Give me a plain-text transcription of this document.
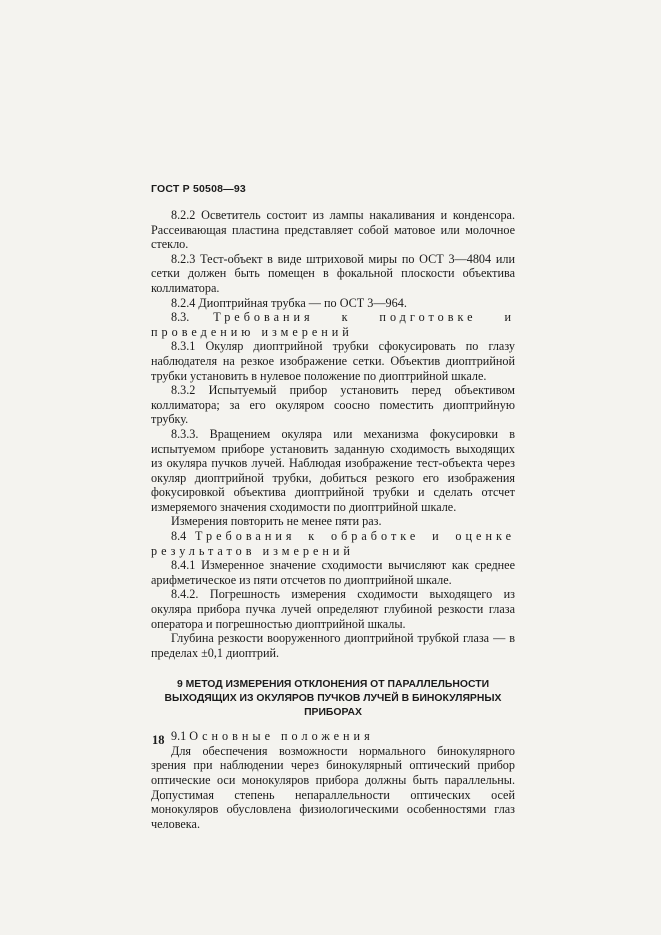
ГОСТ Р 50508—93

8.2.2 Осветитель состоит из лампы накаливания и конденсора. Рассеивающая пластина представляет собой матовое или молочное стекло.

8.2.3 Тест-объект в виде штриховой миры по ОСТ 3—4804 или сетки должен быть помещен в фокальной плоскости объектива коллиматора.

8.2.4 Диоптрийная трубка — по ОСТ 3—964.

8.3. Требования к подготовке и проведению измерений

8.3.1 Окуляр диоптрийной трубки сфокусировать по глазу наблюдателя на резкое изображение сетки. Объектив диоптрийной трубки установить в нулевое положение по диоптрийной шкале.

8.3.2 Испытуемый прибор установить перед объективом коллиматора; за его окуляром соосно поместить диоптрийную трубку.

8.3.3. Вращением окуляра или механизма фокусировки в испытуемом приборе установить заданную сходимость выходящих из окуляра пучков лучей. Наблюдая изображение тест-объекта через окуляр диоптрийной трубки, добиться резкого его изображения фокусировкой объектива диоптрийной трубки и сделать отсчет измеряемого значения сходимости по диоптрийной шкале.

Измерения повторить не менее пяти раз.

8.4 Требования к обработке и оценке результатов измерений

8.4.1 Измеренное значение сходимости вычисляют как среднее арифметическое из пяти отсчетов по диоптрийной шкале.

8.4.2. Погрешность измерения сходимости выходящего из окуляра прибора пучка лучей определяют глубиной резкости глаза оператора и погрешностью диоптрийной шкалы.

Глубина резкости вооруженного диоптрийной трубкой глаза — в пределах ±0,1 диоптрий.

9 МЕТОД ИЗМЕРЕНИЯ ОТКЛОНЕНИЯ ОТ ПАРАЛЛЕЛЬНОСТИ
ВЫХОДЯЩИХ ИЗ ОКУЛЯРОВ ПУЧКОВ ЛУЧЕЙ В БИНОКУЛЯРНЫХ
ПРИБОРАХ

9.1 Основные положения

Для обеспечения возможности нормального бинокулярного зрения при наблюдении через бинокулярный оптический прибор оптические оси монокуляров прибора должны быть параллельны. Допустимая степень непараллельности оптических осей монокуляров обусловлена физиологическими особенностями глаз человека.

18
